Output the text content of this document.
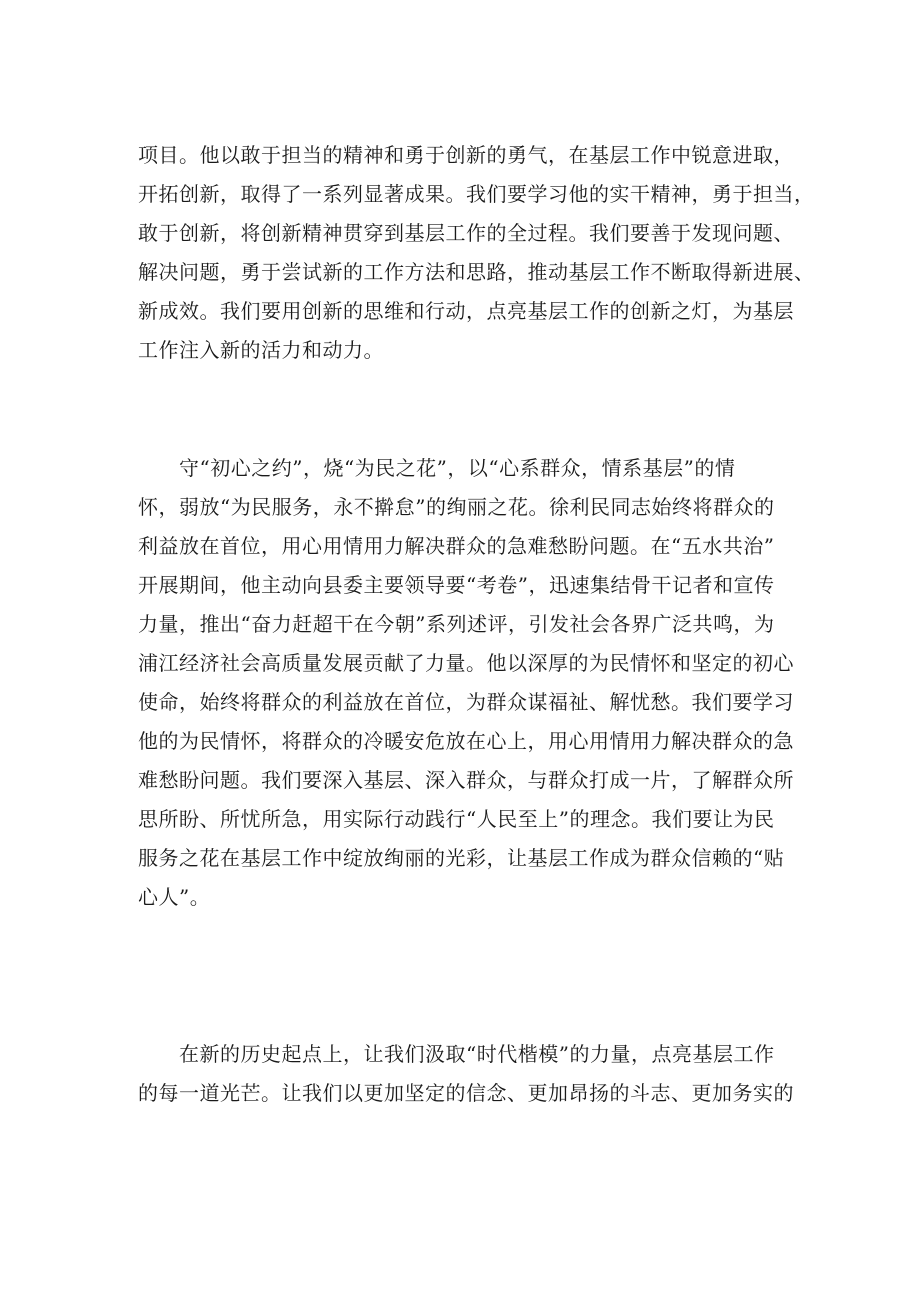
项目。他以敢于担当的精神和勇于创新的勇气，在基层工作中锐意进取，
开拓创新，取得了一系列显著成果。我们要学习他的实干精神，勇于担当，
敢于创新，将创新精神贯穿到基层工作的全过程。我们要善于发现问题、
解决问题，勇于尝试新的工作方法和思路，推动基层工作不断取得新进展、
新成效。我们要用创新的思维和行动，点亮基层工作的创新之灯，为基层
工作注入新的活力和动力。
　　守“初心之约”，烧“为民之花”，以“心系群众，情系基层”的情
怀，弱放“为民服务，永不擀怠”的绚丽之花。徐利民同志始终将群众的
利益放在首位，用心用情用力解决群众的急难愁盼问题。在“五水共治”
开展期间，他主动向县委主要领导要“考卷”，迅速集结骨干记者和宣传
力量，推出“奋力赶超干在今朝”系列述评，引发社会各界广泛共鸣，为
浦江经济社会高质量发展贡献了力量。他以深厚的为民情怀和坚定的初心
使命，始终将群众的利益放在首位，为群众谋福祉、解忧愁。我们要学习
他的为民情怀，将群众的冷暖安危放在心上，用心用情用力解决群众的急
难愁盼问题。我们要深入基层、深入群众，与群众打成一片，了解群众所
思所盼、所忧所急，用实际行动践行“人民至上”的理念。我们要让为民
服务之花在基层工作中绽放绚丽的光彩，让基层工作成为群众信赖的“贴
心人”。
　　在新的历史起点上，让我们汲取“时代楷模”的力量，点亮基层工作
的每一道光芒。让我们以更加坚定的信念、更加昂扬的斗志、更加务实的
